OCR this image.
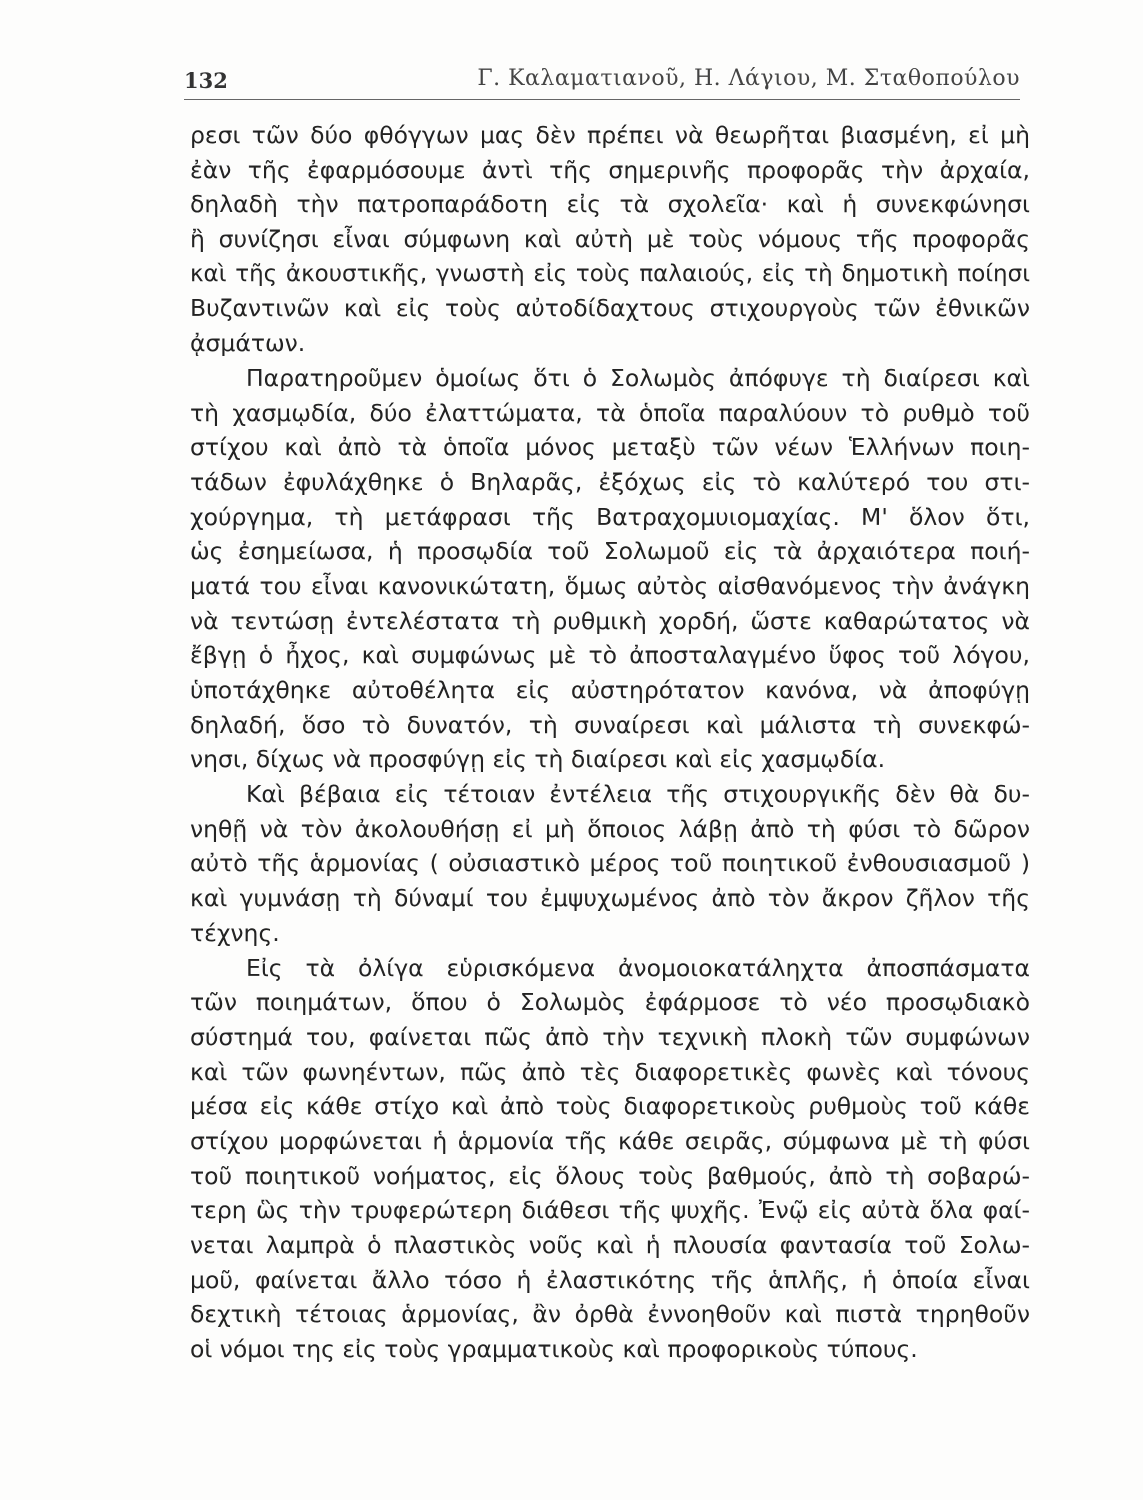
132	Γ. Καλαματιανοῦ, Η. Λάγιου, Μ. Σταθοπούλου
ρεσι τῶν δύο φθόγγων μας δὲν πρέπει νὰ θεωρῆται βιασμένη, εἰ μὴ
ἐὰν τῆς ἐφαρμόσουμε ἀντὶ τῆς σημερινῆς προφορᾶς τὴν ἀρχαία,
δηλαδὴ τὴν πατροπαράδοτη εἰς τὰ σχολεῖα· καὶ ἡ συνεκφώνησι
ἢ συνίζησι εἶναι σύμφωνη καὶ αὐτὴ μὲ τοὺς νόμους τῆς προφορᾶς
καὶ τῆς ἀκουστικῆς, γνωστὴ εἰς τοὺς παλαιούς, εἰς τὴ δημοτικὴ ποίησι
Βυζαντινῶν καὶ εἰς τοὺς αὐτοδίδαχτους στιχουργοὺς τῶν ἐθνικῶν
ᾀσμάτων.
Παρατηροῦμεν ὁμοίως ὅτι ὁ Σολωμὸς ἀπόφυγε τὴ διαίρεσι καὶ
τὴ χασμῳδία, δύο ἐλαττώματα, τὰ ὁποῖα παραλύουν τὸ ρυθμὸ τοῦ
στίχου καὶ ἀπὸ τὰ ὁποῖα μόνος μεταξὺ τῶν νέων Ἑλλήνων ποιη-
τάδων ἐφυλάχθηκε ὁ Βηλαρᾶς, ἐξόχως εἰς τὸ καλύτερό του στι-
χούργημα, τὴ μετάφρασι τῆς Βατραχομυιομαχίας. Μ' ὅλον ὅτι,
ὡς ἐσημείωσα, ἡ προσῳδία τοῦ Σολωμοῦ εἰς τὰ ἀρχαιότερα ποιή-
ματά του εἶναι κανονικώτατη, ὅμως αὐτὸς αἰσθανόμενος τὴν ἀνάγκη
νὰ τεντώσῃ ἐντελέστατα τὴ ρυθμικὴ χορδή, ὥστε καθαρώτατος νὰ
ἔβγῃ ὁ ἦχος, καὶ συμφώνως μὲ τὸ ἀποσταλαγμένο ὕφος τοῦ λόγου,
ὑποτάχθηκε αὐτοθέλητα εἰς αὐστηρότατον κανόνα, νὰ ἀποφύγῃ
δηλαδή, ὅσο τὸ δυνατόν, τὴ συναίρεσι καὶ μάλιστα τὴ συνεκφώ-
νησι, δίχως νὰ προσφύγῃ εἰς τὴ διαίρεσι καὶ εἰς χασμῳδία.
Καὶ βέβαια εἰς τέτοιαν ἐντέλεια τῆς στιχουργικῆς δὲν θὰ δυ-
νηθῇ νὰ τὸν ἀκολουθήσῃ εἰ μὴ ὅποιος λάβῃ ἀπὸ τὴ φύσι τὸ δῶρον
αὐτὸ τῆς ἁρμονίας ( οὐσιαστικὸ μέρος τοῦ ποιητικοῦ ἐνθουσιασμοῦ )
καὶ γυμνάσῃ τὴ δύναμί του ἐμψυχωμένος ἀπὸ τὸν ἄκρον ζῆλον τῆς
τέχνης.
Εἰς τὰ ὀλίγα εὑρισκόμενα ἀνομοιοκατάληχτα ἀποσπάσματα
τῶν ποιημάτων, ὅπου ὁ Σολωμὸς ἐφάρμοσε τὸ νέο προσῳδιακὸ
σύστημά του, φαίνεται πῶς ἀπὸ τὴν τεχνικὴ πλοκὴ τῶν συμφώνων
καὶ τῶν φωνηέντων, πῶς ἀπὸ τὲς διαφορετικὲς φωνὲς καὶ τόνους
μέσα εἰς κάθε στίχο καὶ ἀπὸ τοὺς διαφορετικοὺς ρυθμοὺς τοῦ κάθε
στίχου μορφώνεται ἡ ἁρμονία τῆς κάθε σειρᾶς, σύμφωνα μὲ τὴ φύσι
τοῦ ποιητικοῦ νοήματος, εἰς ὅλους τοὺς βαθμούς, ἀπὸ τὴ σοβαρώ-
τερη ὣς τὴν τρυφερώτερη διάθεσι τῆς ψυχῆς. Ἐνῷ εἰς αὐτὰ ὅλα φαί-
νεται λαμπρὰ ὁ πλαστικὸς νοῦς καὶ ἡ πλουσία φαντασία τοῦ Σολω-
μοῦ, φαίνεται ἄλλο τόσο ἡ ἐλαστικότης τῆς ἁπλῆς, ἡ ὁποία εἶναι
δεχτικὴ τέτοιας ἁρμονίας, ἂν ὀρθὰ ἐννοηθοῦν καὶ πιστὰ τηρηθοῦν
οἱ νόμοι της εἰς τοὺς γραμματικοὺς καὶ προφορικοὺς τύπους.
